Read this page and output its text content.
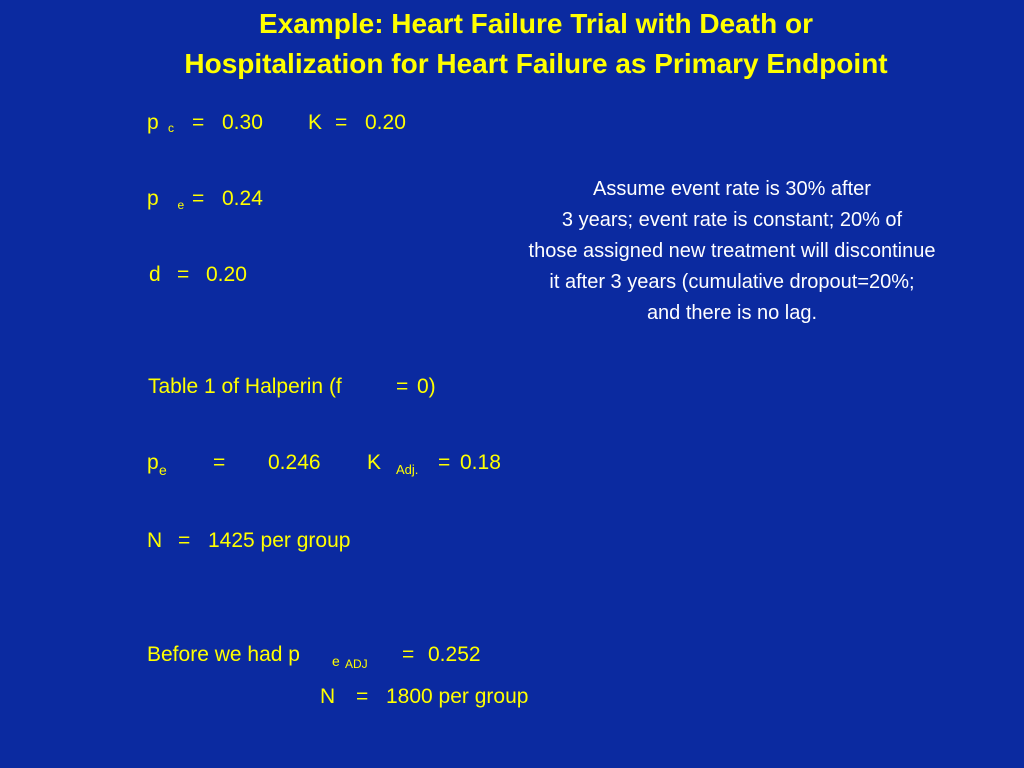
Example: Heart Failure Trial with Death or
Hospitalization for Heart Failure as Primary Endpoint
p $_c$ = 0.30 K = 0.20
p $_e$ = 0.24
d = 0.20
Assume event rate is 30% after
3 years; event rate is constant; 20% of
those assigned new treatment will discontinue
it after 3 years (cumulative dropout=20%;
and there is no lag.
Table 1 of Halperin (f	= 0)
p e = 0.246 K Adj. = 0.18
N = 1425 per group
Before we had p e ADJ = 0.252
N = 1800 per group
